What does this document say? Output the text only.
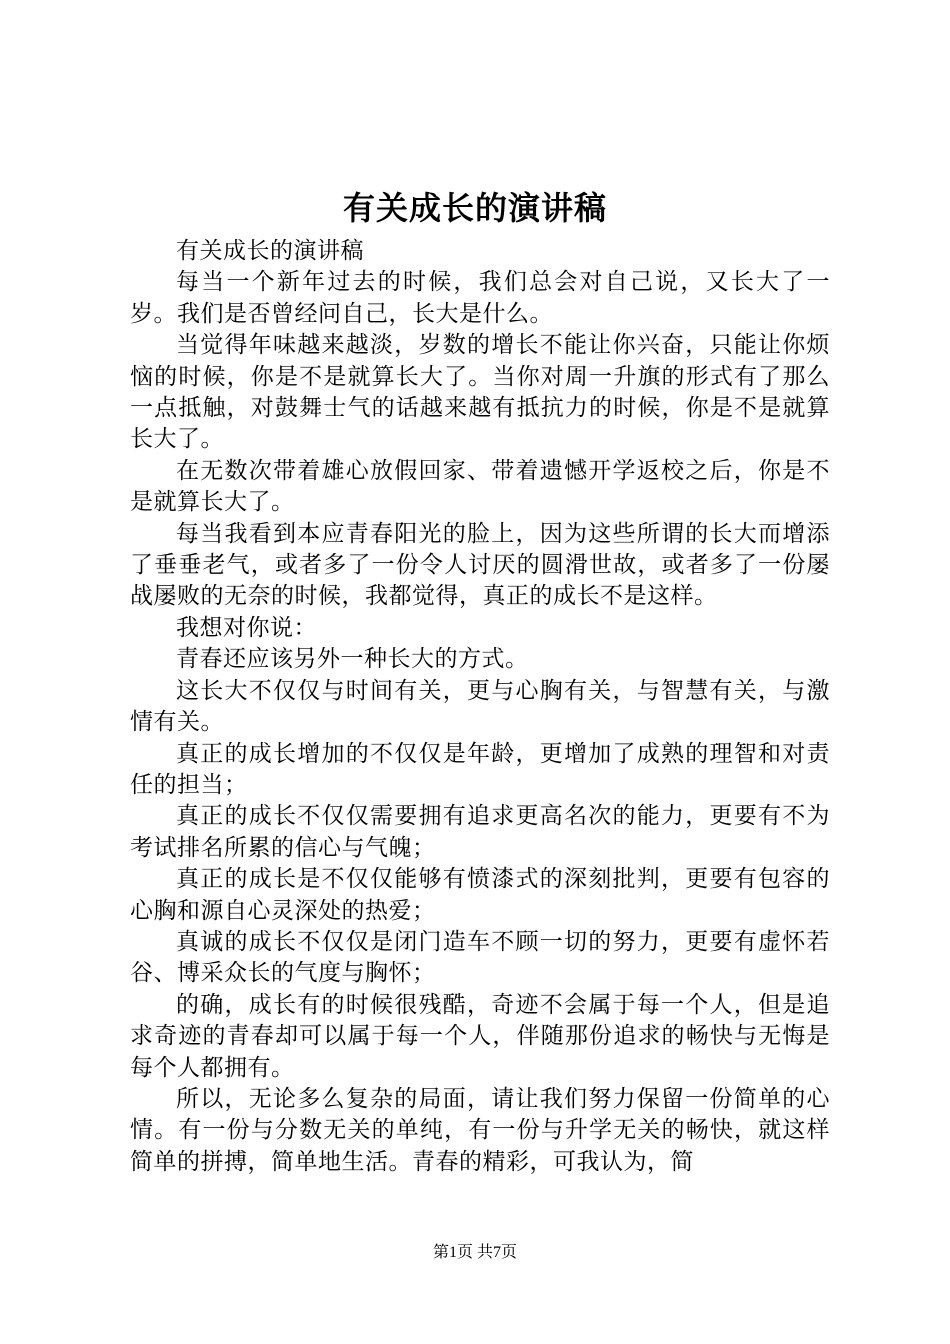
有关成长的演讲稿

有关成长的演讲稿

每当一个新年过去的时候，我们总会对自己说，又长大了一岁。我们是否曾经问自己，长大是什么。

当觉得年味越来越淡，岁数的增长不能让你兴奋，只能让你烦恼的时候，你是不是就算长大了。当你对周一升旗的形式有了那么一点抵触，对鼓舞士气的话越来越有抵抗力的时候，你是不是就算长大了。

在无数次带着雄心放假回家、带着遗憾开学返校之后，你是不是就算长大了。

每当我看到本应青春阳光的脸上，因为这些所谓的长大而增添了垂垂老气，或者多了一份令人讨厌的圆滑世故，或者多了一份屡战屡败的无奈的时候，我都觉得，真正的成长不是这样。

我想对你说：

青春还应该另外一种长大的方式。

这长大不仅仅与时间有关，更与心胸有关，与智慧有关，与激情有关。

真正的成长增加的不仅仅是年龄，更增加了成熟的理智和对责任的担当；

真正的成长不仅仅需要拥有追求更高名次的能力，更要有不为考试排名所累的信心与气魄；

真正的成长是不仅仅能够有愤漆式的深刻批判，更要有包容的心胸和源自心灵深处的热爱；

真诚的成长不仅仅是闭门造车不顾一切的努力，更要有虚怀若谷、博采众长的气度与胸怀；

的确，成长有的时候很残酷，奇迹不会属于每一个人，但是追求奇迹的青春却可以属于每一个人，伴随那份追求的畅快与无悔是每个人都拥有。

所以，无论多么复杂的局面，请让我们努力保留一份简单的心情。有一份与分数无关的单纯，有一份与升学无关的畅快，就这样简单的拼搏，简单地生活。青春的精彩，可我认为，简

第1页 共7页
